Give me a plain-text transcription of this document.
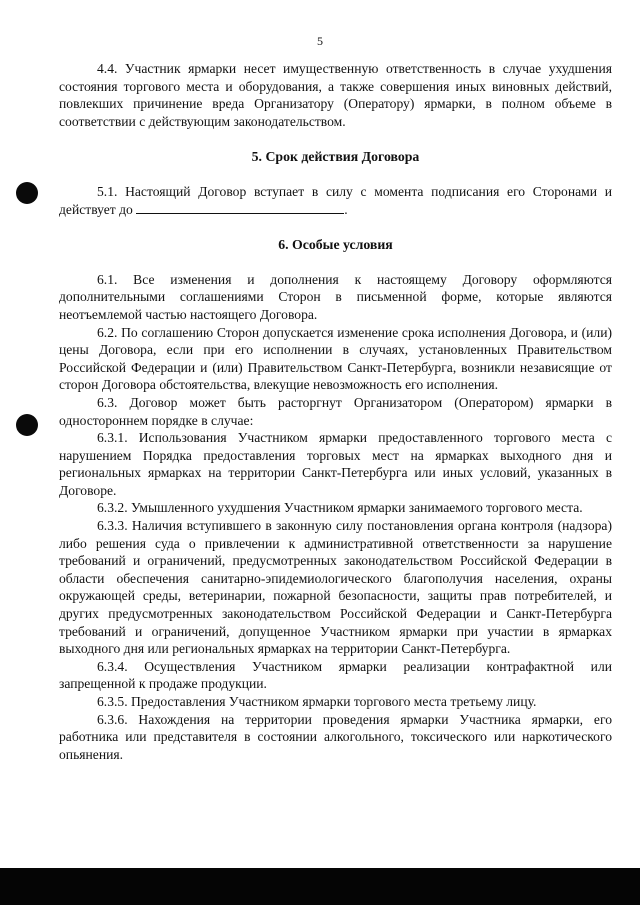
5

4.4. Участник ярмарки несет имущественную ответственность в случае ухудшения состояния торгового места и оборудования, а также совершения иных виновных действий, повлекших причинение вреда Организатору (Оператору) ярмарки, в полном объеме в соответствии с действующим законодательством.

5. Срок действия Договора

5.1. Настоящий Договор вступает в силу с момента подписания его Сторонами и действует до	.

6. Особые условия

6.1. Все изменения и дополнения к настоящему Договору оформляются дополнительными соглашениями Сторон в письменной форме, которые являются неотъемлемой частью настоящего Договора.

6.2. По соглашению Сторон допускается изменение срока исполнения Договора, и (или) цены Договора, если при его исполнении в случаях, установленных Правительством Российской Федерации и (или) Правительством Санкт-Петербурга, возникли независящие от сторон Договора обстоятельства, влекущие невозможность его исполнения.

6.3. Договор может быть расторгнут Организатором (Оператором) ярмарки в одностороннем порядке в случае:

6.3.1. Использования Участником ярмарки предоставленного торгового места с нарушением Порядка предоставления торговых мест на ярмарках выходного дня и региональных ярмарках на территории Санкт-Петербурга или иных условий, указанных в Договоре.

6.3.2. Умышленного ухудшения Участником ярмарки занимаемого торгового места.

6.3.3. Наличия вступившего в законную силу постановления органа контроля (надзора) либо решения суда о привлечении к административной ответственности за нарушение требований и ограничений, предусмотренных законодательством Российской Федерации в области обеспечения санитарно-эпидемиологического благополучия населения, охраны окружающей среды, ветеринарии, пожарной безопасности, защиты прав потребителей, и других предусмотренных законодательством Российской Федерации и Санкт-Петербурга требований и ограничений, допущенное Участником ярмарки при участии в ярмарках выходного дня или региональных ярмарках на территории Санкт-Петербурга.

6.3.4. Осуществления Участником ярмарки реализации контрафактной или запрещенной к продаже продукции.

6.3.5. Предоставления Участником ярмарки торгового места третьему лицу.

6.3.6. Нахождения на территории проведения ярмарки Участника ярмарки, его работника или представителя в состоянии алкогольного, токсического или наркотического опьянения.
